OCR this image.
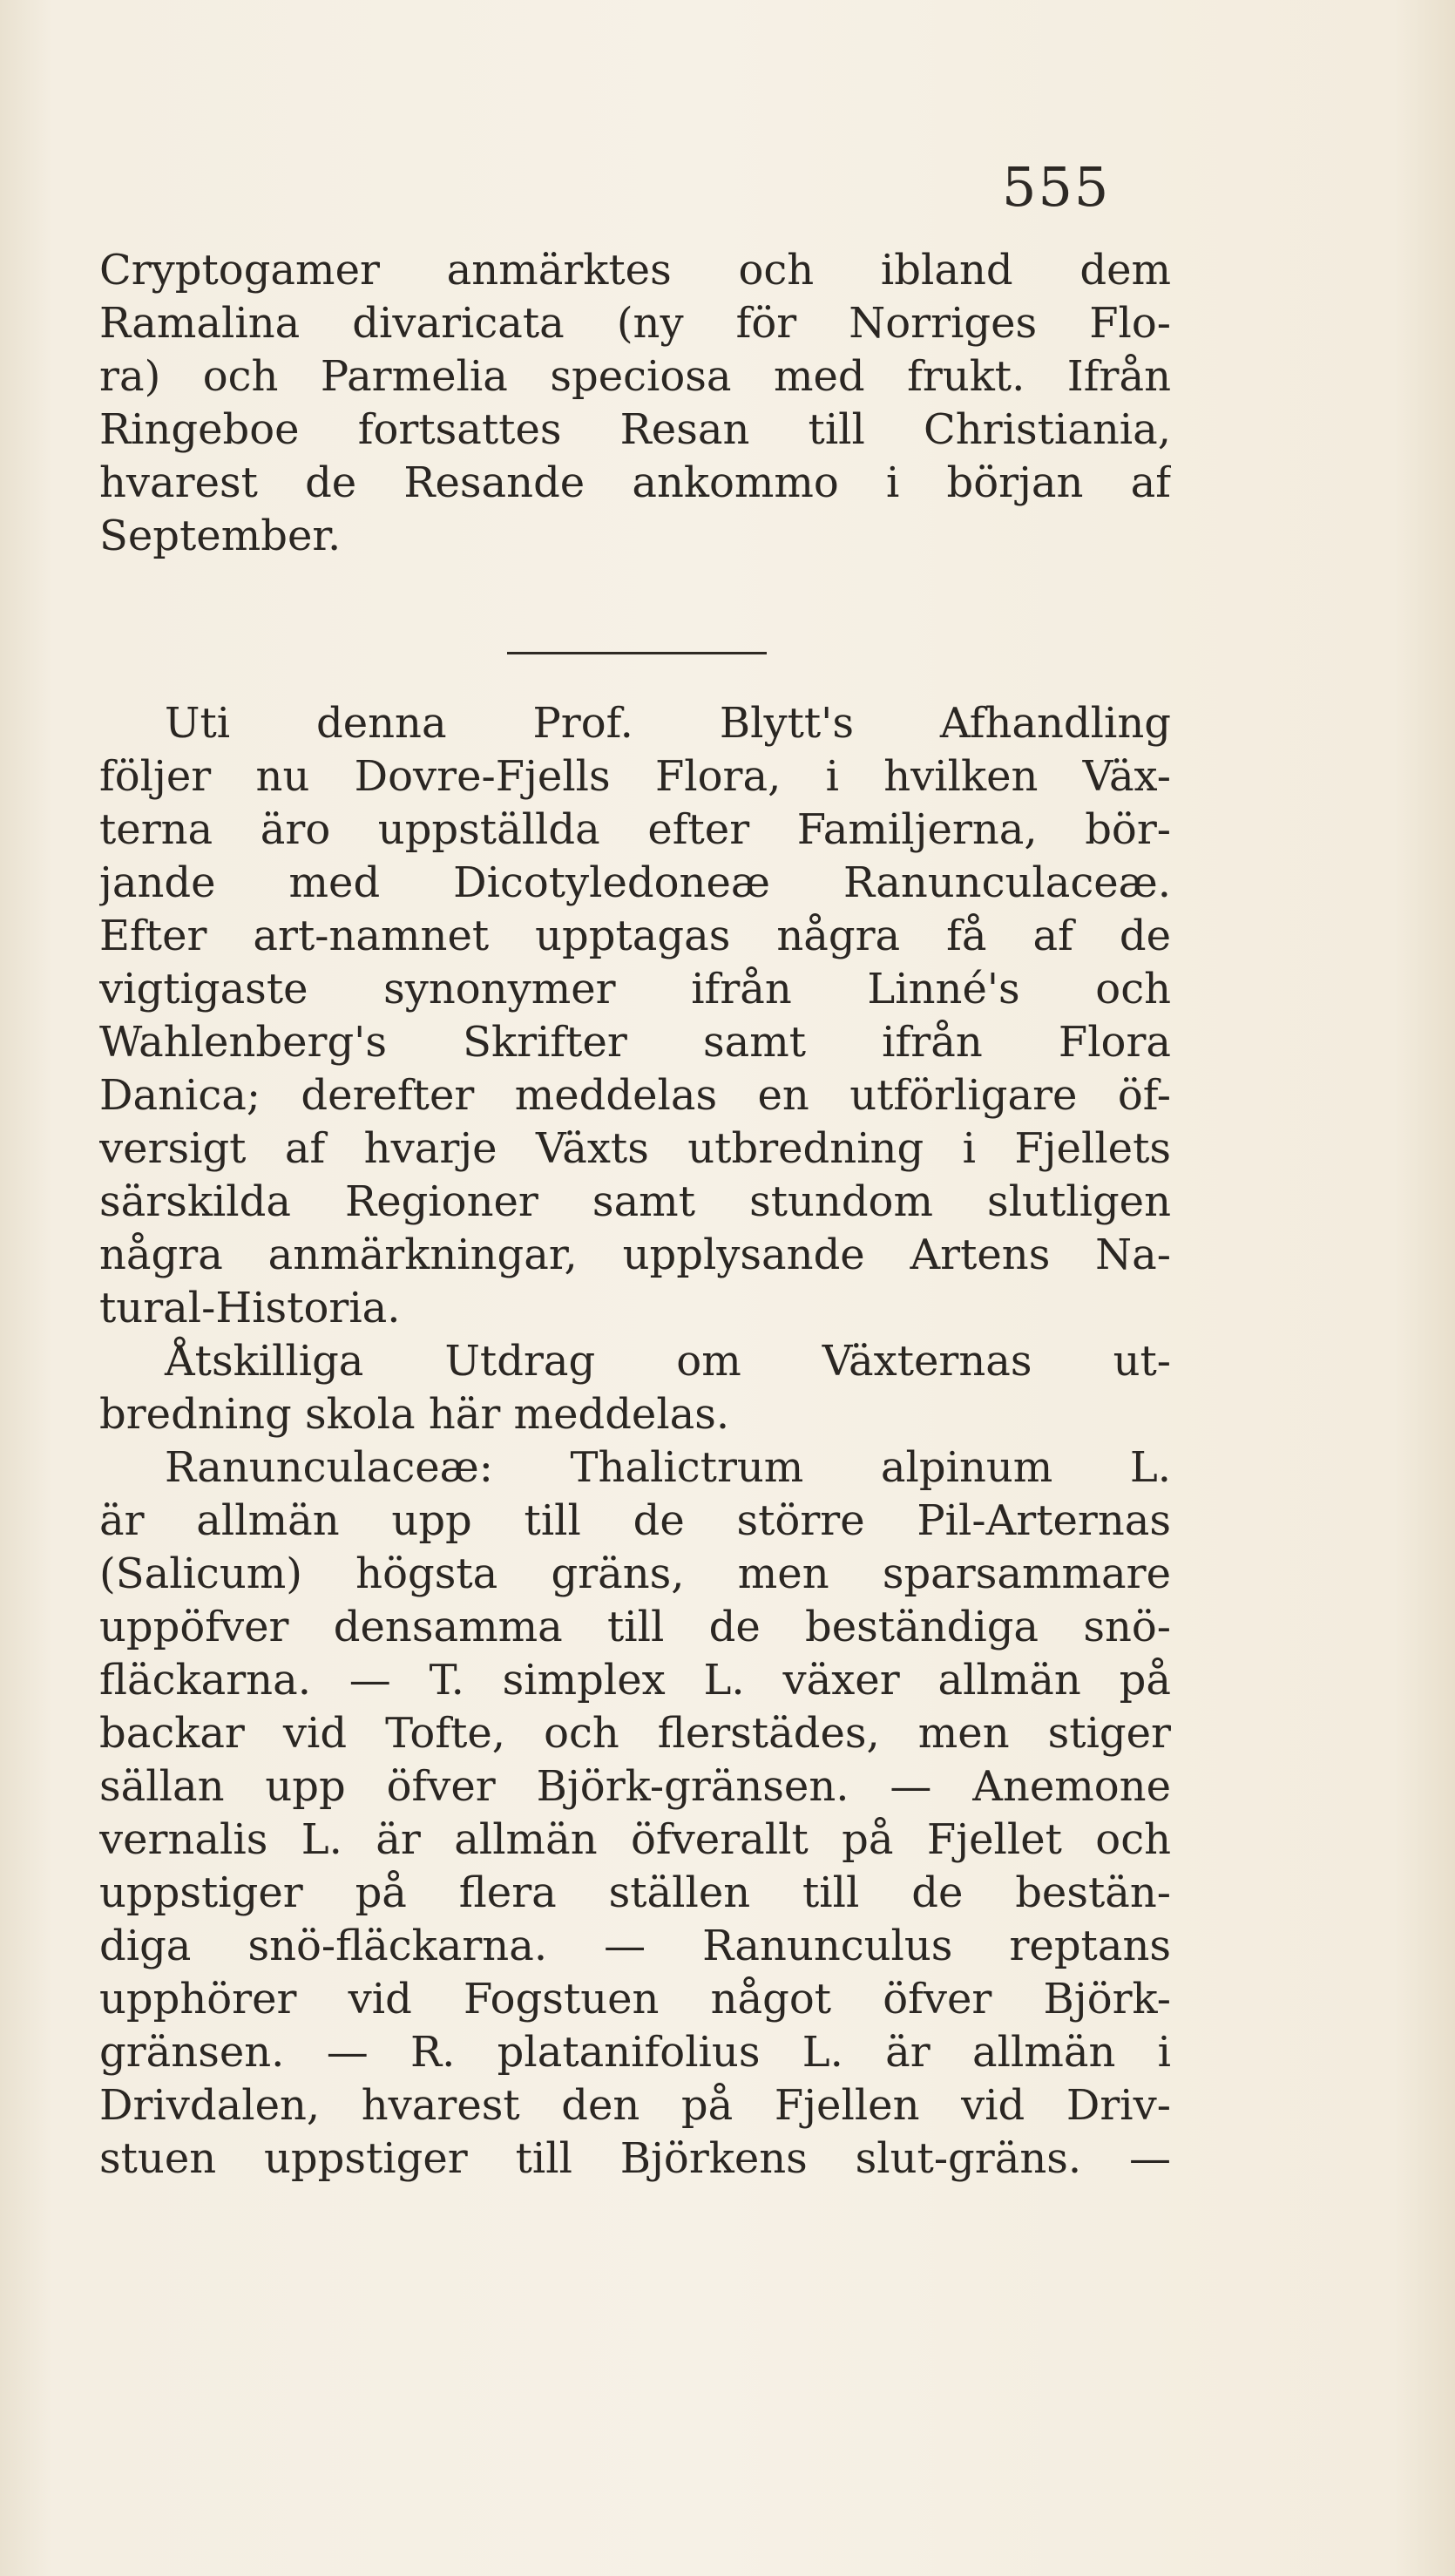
555
Cryptogamer anmärktes och ibland dem
Ramalina divaricata (ny för Norriges Flo-
ra) och Parmelia speciosa med frukt. Ifrån
Ringeboe fortsattes Resan till Christiania,
hvarest de Resande ankommo i början af
September.
Uti denna Prof. Blytt's Afhandling
följer nu Dovre-Fjells Flora, i hvilken Väx-
terna äro uppställda efter Familjerna, bör-
jande med Dicotyledoneæ Ranunculaceæ.
Efter art-namnet upptagas några få af de
vigtigaste synonymer ifrån Linné's och
Wahlenberg's Skrifter samt ifrån Flora
Danica; derefter meddelas en utförligare öf-
versigt af hvarje Växts utbredning i Fjellets
särskilda Regioner samt stundom slutligen
några anmärkningar, upplysande Artens Na-
tural-Historia.
Åtskilliga Utdrag om Växternas ut-
bredning skola här meddelas.
Ranunculaceæ: Thalictrum alpinum L.
är allmän upp till de större Pil-Arternas
(Salicum) högsta gräns, men sparsammare
uppöfver densamma till de beständiga snö-
fläckarna. — T. simplex L. växer allmän på
backar vid Tofte, och flerstädes, men stiger
sällan upp öfver Björk-gränsen. — Anemone
vernalis L. är allmän öfverallt på Fjellet och
uppstiger på flera ställen till de bestän-
diga snö-fläckarna. — Ranunculus reptans
upphörer vid Fogstuen något öfver Björk-
gränsen. — R. platanifolius L. är allmän i
Drivdalen, hvarest den på Fjellen vid Driv-
stuen uppstiger till Björkens slut-gräns. —
